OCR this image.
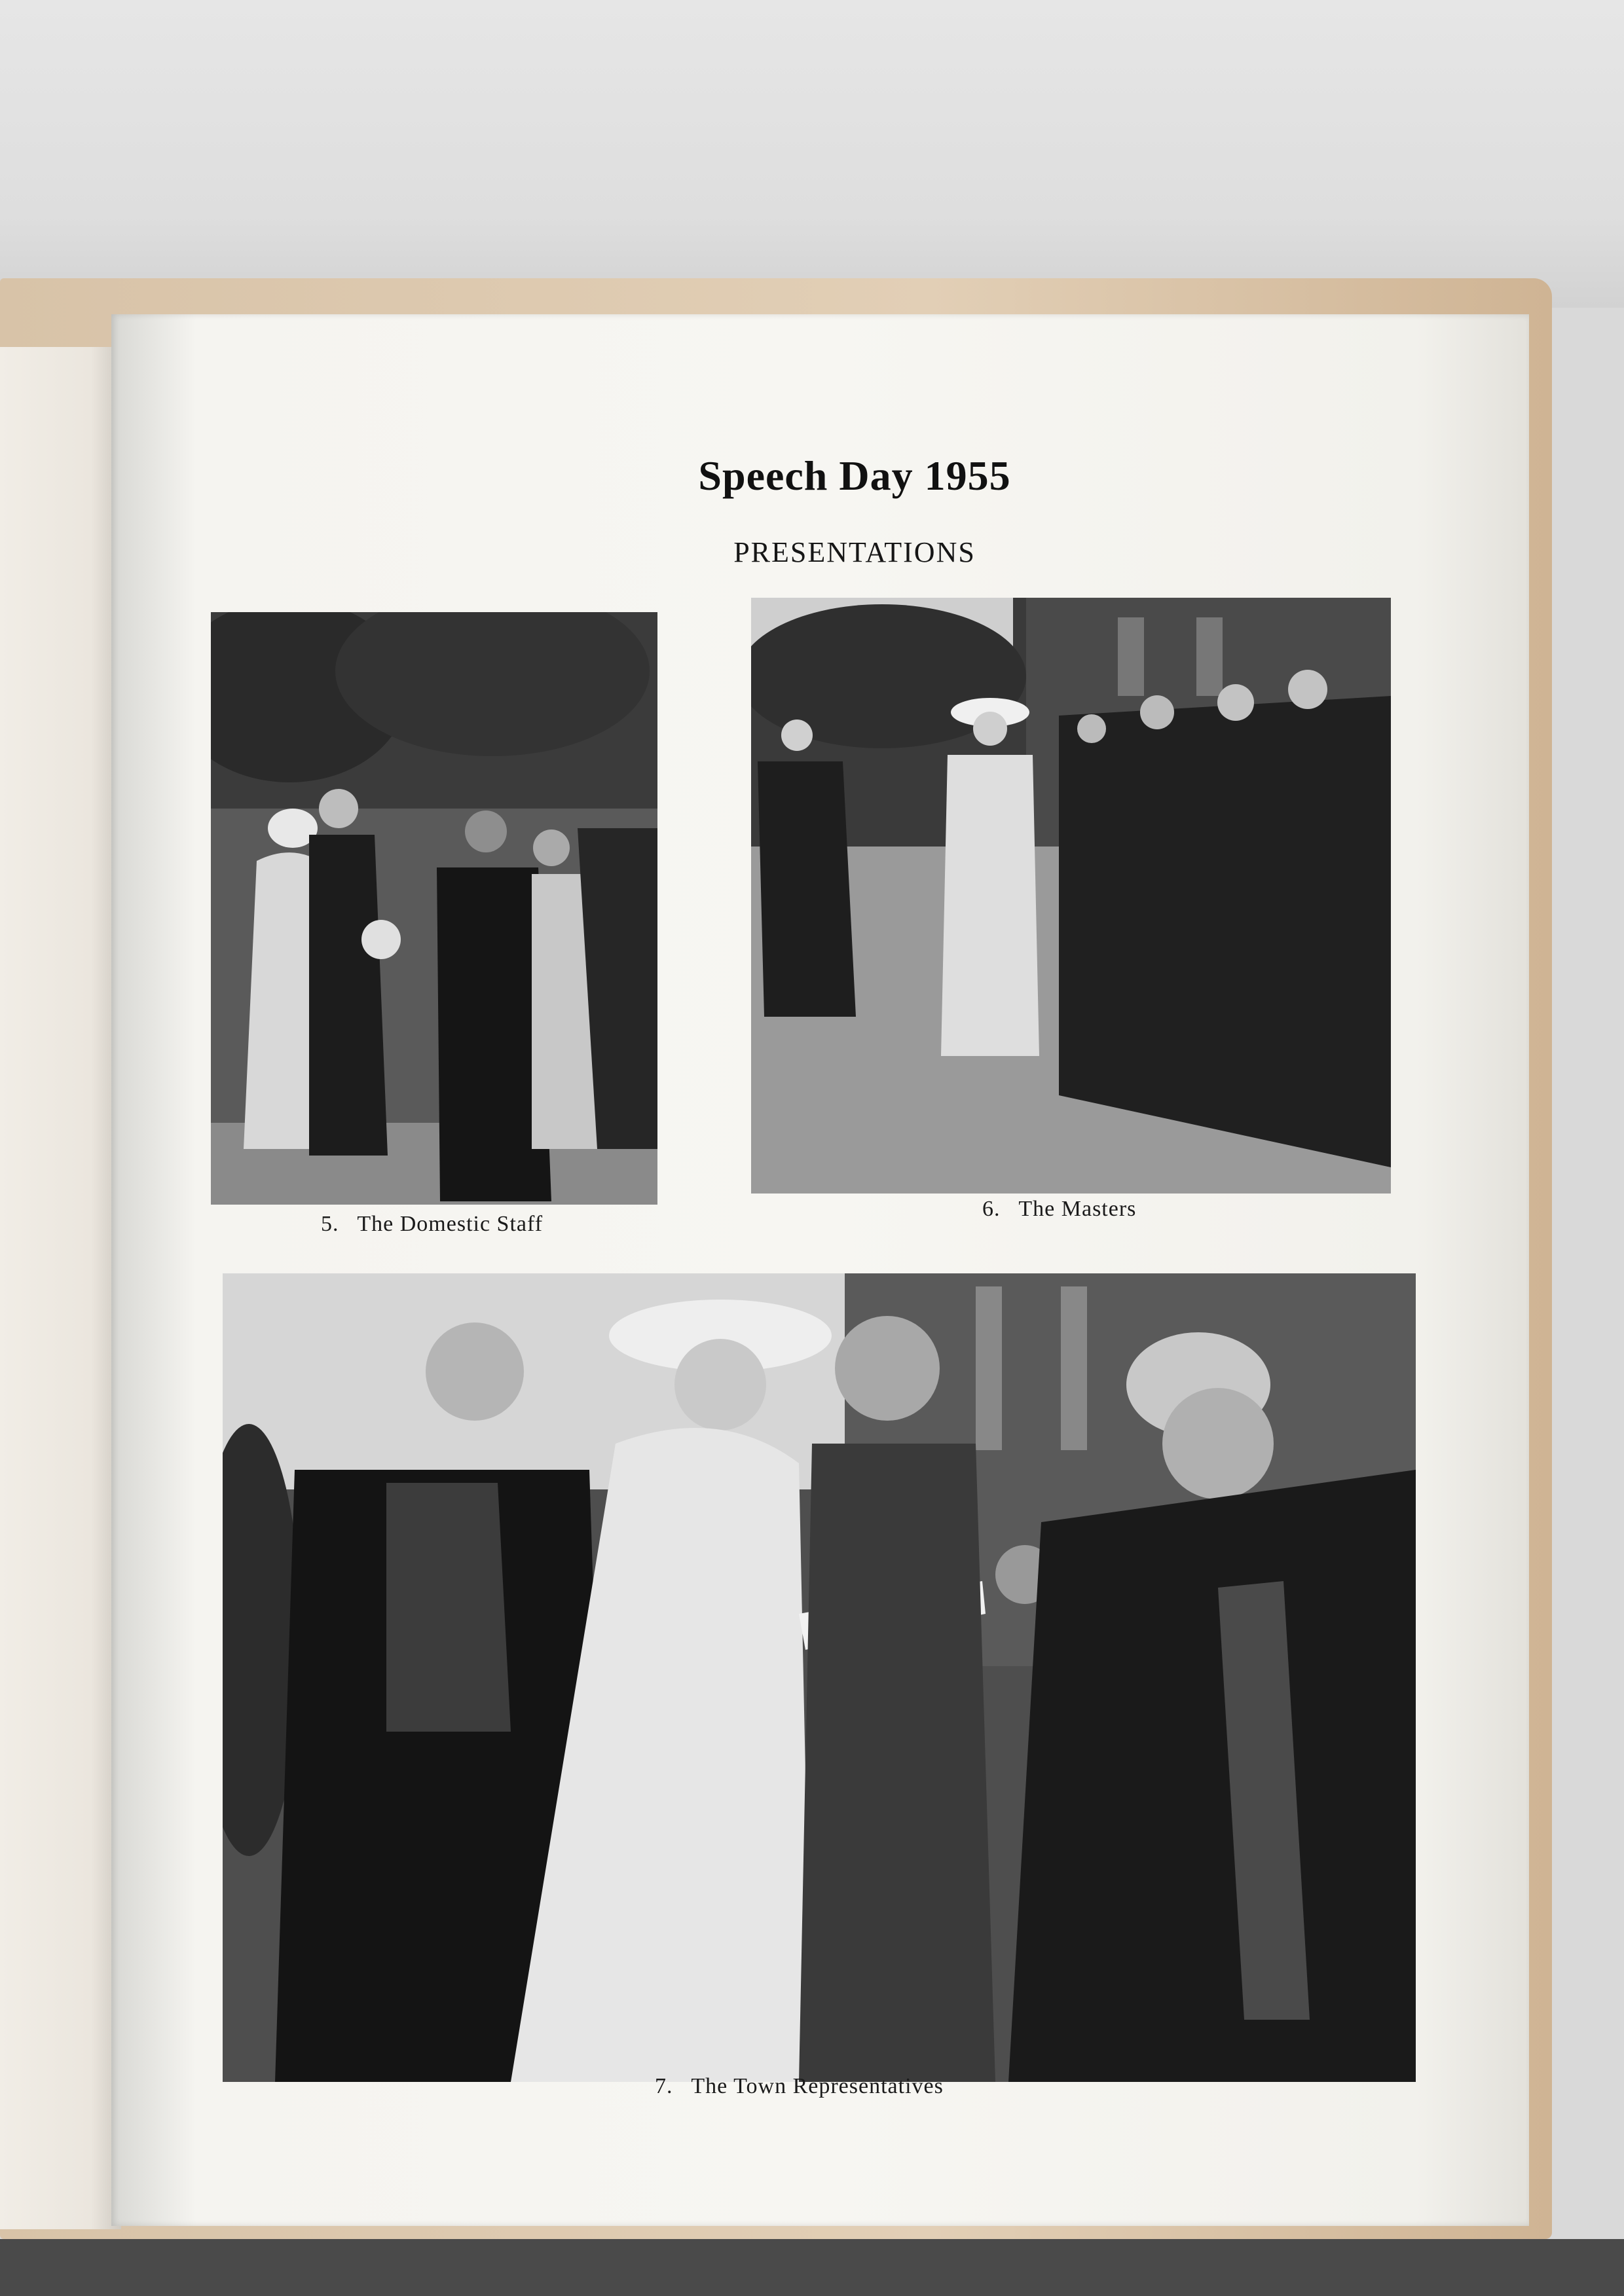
Speech Day 1955
PRESENTATIONS
5. The Domestic Staff
6. The Masters
7. The Town Representatives
